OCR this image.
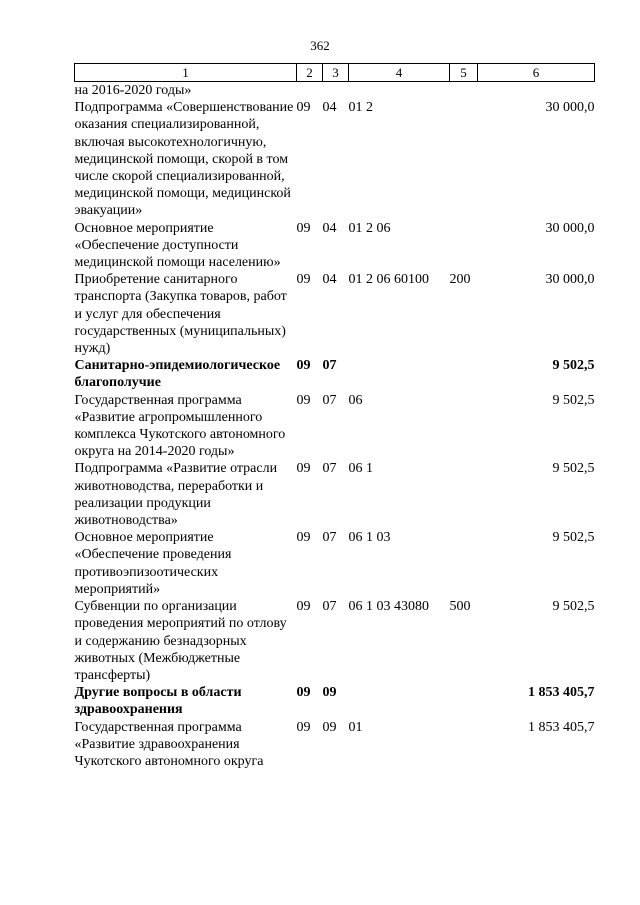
362
1	2	3	4	5	6
на 2016-2020 годы»					
Подпрограмма «Совершенствование оказания специализированной, включая высокотехнологичную, медицинской помощи, скорой в том числе скорой специализированной, медицинской помощи, медицинской эвакуации»	09	04	01 2		30 000,0
Основное мероприятие «Обеспечение доступности медицинской помощи населению»	09	04	01 2 06		30 000,0
Приобретение санитарного транспорта (Закупка товаров, работ и услуг для обеспечения государственных (муниципальных) нужд)	09	04	01 2 06 60100	200	30 000,0
Санитарно-эпидемиологическое благополучие	09	07			9 502,5
Государственная программа «Развитие агропромышленного комплекса Чукотского автономного округа на 2014-2020 годы»	09	07	06		9 502,5
Подпрограмма «Развитие отрасли животноводства, переработки и реализации продукции животноводства»	09	07	06 1		9 502,5
Основное мероприятие «Обеспечение проведения противоэпизоотических мероприятий»	09	07	06 1 03		9 502,5
Субвенции по организации проведения мероприятий по отлову и содержанию безнадзорных животных (Межбюджетные трансферты)	09	07	06 1 03 43080	500	9 502,5
Другие вопросы в области здравоохранения	09	09			1 853 405,7
Государственная программа «Развитие здравоохранения Чукотского автономного округа	09	09	01		1 853 405,7
